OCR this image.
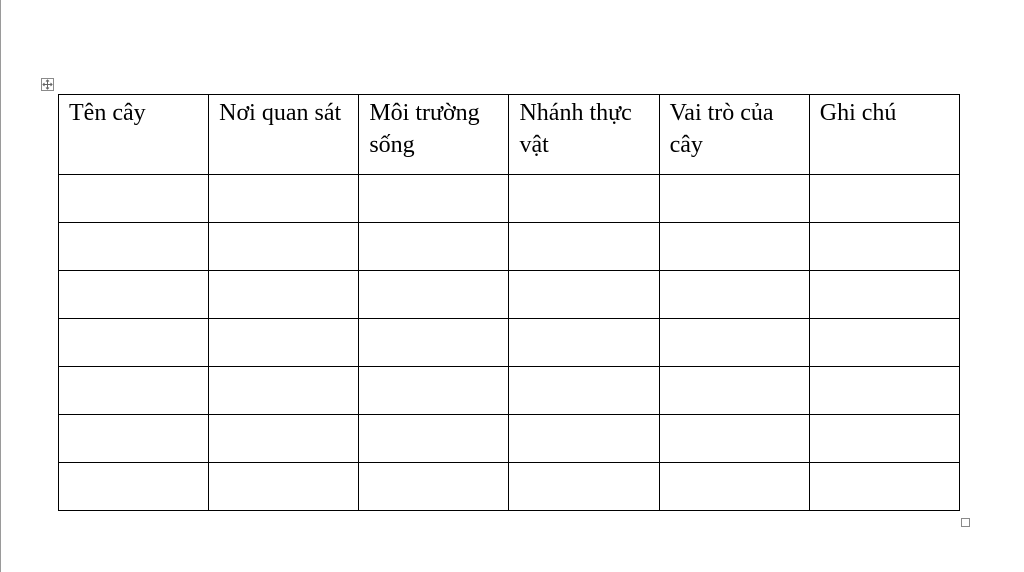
Tên cây	Nơi quan sát	Môi trường sống	Nhánh thực vật	Vai trò của cây	Ghi chú
